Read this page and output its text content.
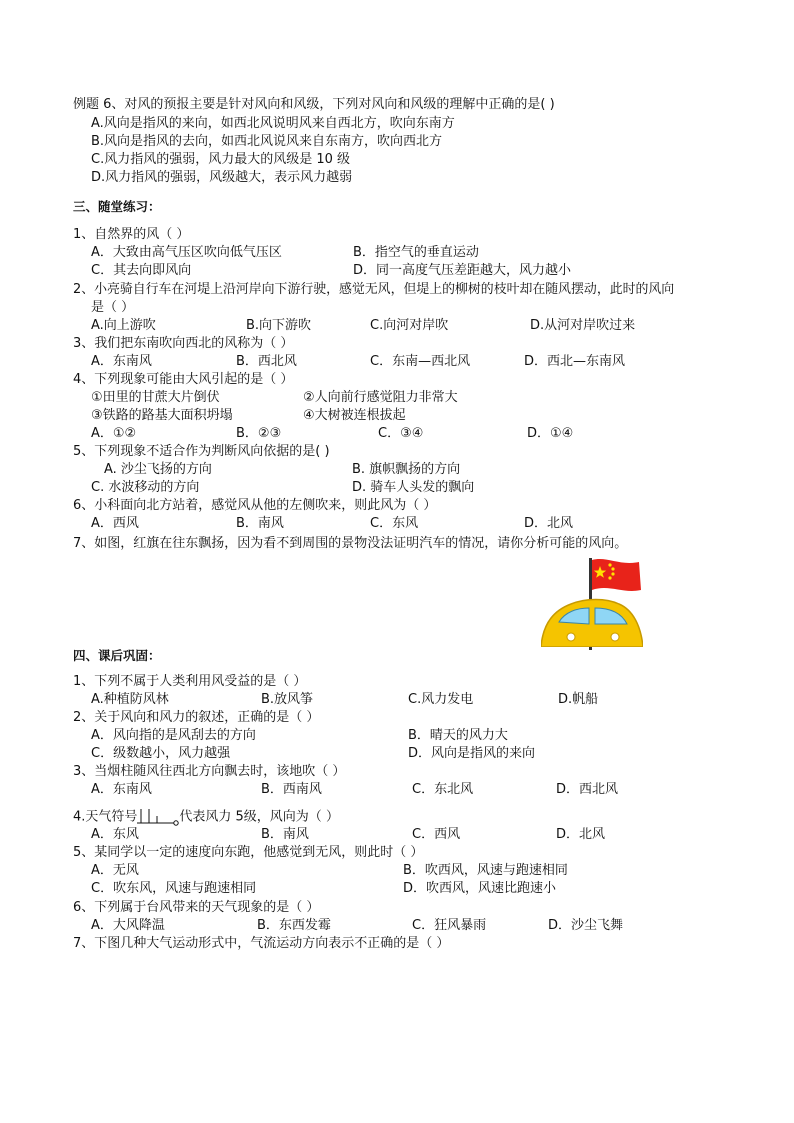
例题 6、对风的预报主要是针对风向和风级，下列对风向和风级的理解中正确的是( )
A.风向是指风的来向，如西北风说明风来自西北方，吹向东南方
B.风向是指风的去向，如西北风说风来自东南方，吹向西北方
C.风力指风的强弱，风力最大的风级是 10 级
D.风力指风的强弱，风级越大，表示风力越弱
三、随堂练习：
1、自然界的风（ ）
A．大致由高气压区吹向低气压区	B．指空气的垂直运动
C．其去向即风向	D．同一高度气压差距越大，风力越小
2、小亮骑自行车在河堤上沿河岸向下游行驶，感觉无风，但堤上的柳树的枝叶却在随风摆动，此时的风向
是（ ）
A.向上游吹	B.向下游吹	C.向河对岸吹	D.从河对岸吹过来
3、我们把东南吹向西北的风称为（ ）
A．东南风	B．西北风	C．东南—西北风	D．西北—东南风
4、下列现象可能由大风引起的是（ ）
①田里的甘蔗大片倒伏	②人向前行感觉阻力非常大
③铁路的路基大面积坍塌	④大树被连根拔起
A．①②	B．②③	C．③④	D．①④
5、下列现象不适合作为判断风向依据的是( )
A. 沙尘飞扬的方向	B. 旗帜飘扬的方向
C. 水波移动的方向	D. 骑车人头发的飘向
6、小科面向北方站着，感觉风从他的左侧吹来，则此风为（ ）
A．西风	B．南风	C．东风	D．北风
7、如图，红旗在往东飘扬，因为看不到周围的景物没法证明汽车的情况，请你分析可能的风向。
四、课后巩固：
1、下列不属于人类利用风受益的是（ ）
A.种植防风林	B.放风筝	C.风力发电	D.帆船
2、关于风向和风力的叙述，正确的是（ ）
A．风向指的是风刮去的方向	B．晴天的风力大
C．级数越小，风力越强	D．风向是指风的来向
3、当烟柱随风往西北方向飘去时，该地吹（ ）
A．东南风	B．西南风	C．东北风	D．西北风
4.天气符号	代表风力 5级，风向为（ ）
A．东风	B．南风	C．西风	D．北风
5、某同学以一定的速度向东跑，他感觉到无风，则此时（ ）
A．无风	B．吹西风，风速与跑速相同
C．吹东风，风速与跑速相同	D．吹西风，风速比跑速小
6、下列属于台风带来的天气现象的是（ ）
A．大风降温	B．东西发霉	C．狂风暴雨	D．沙尘飞舞
7、下图几种大气运动形式中，气流运动方向表示不正确的是（ ）
